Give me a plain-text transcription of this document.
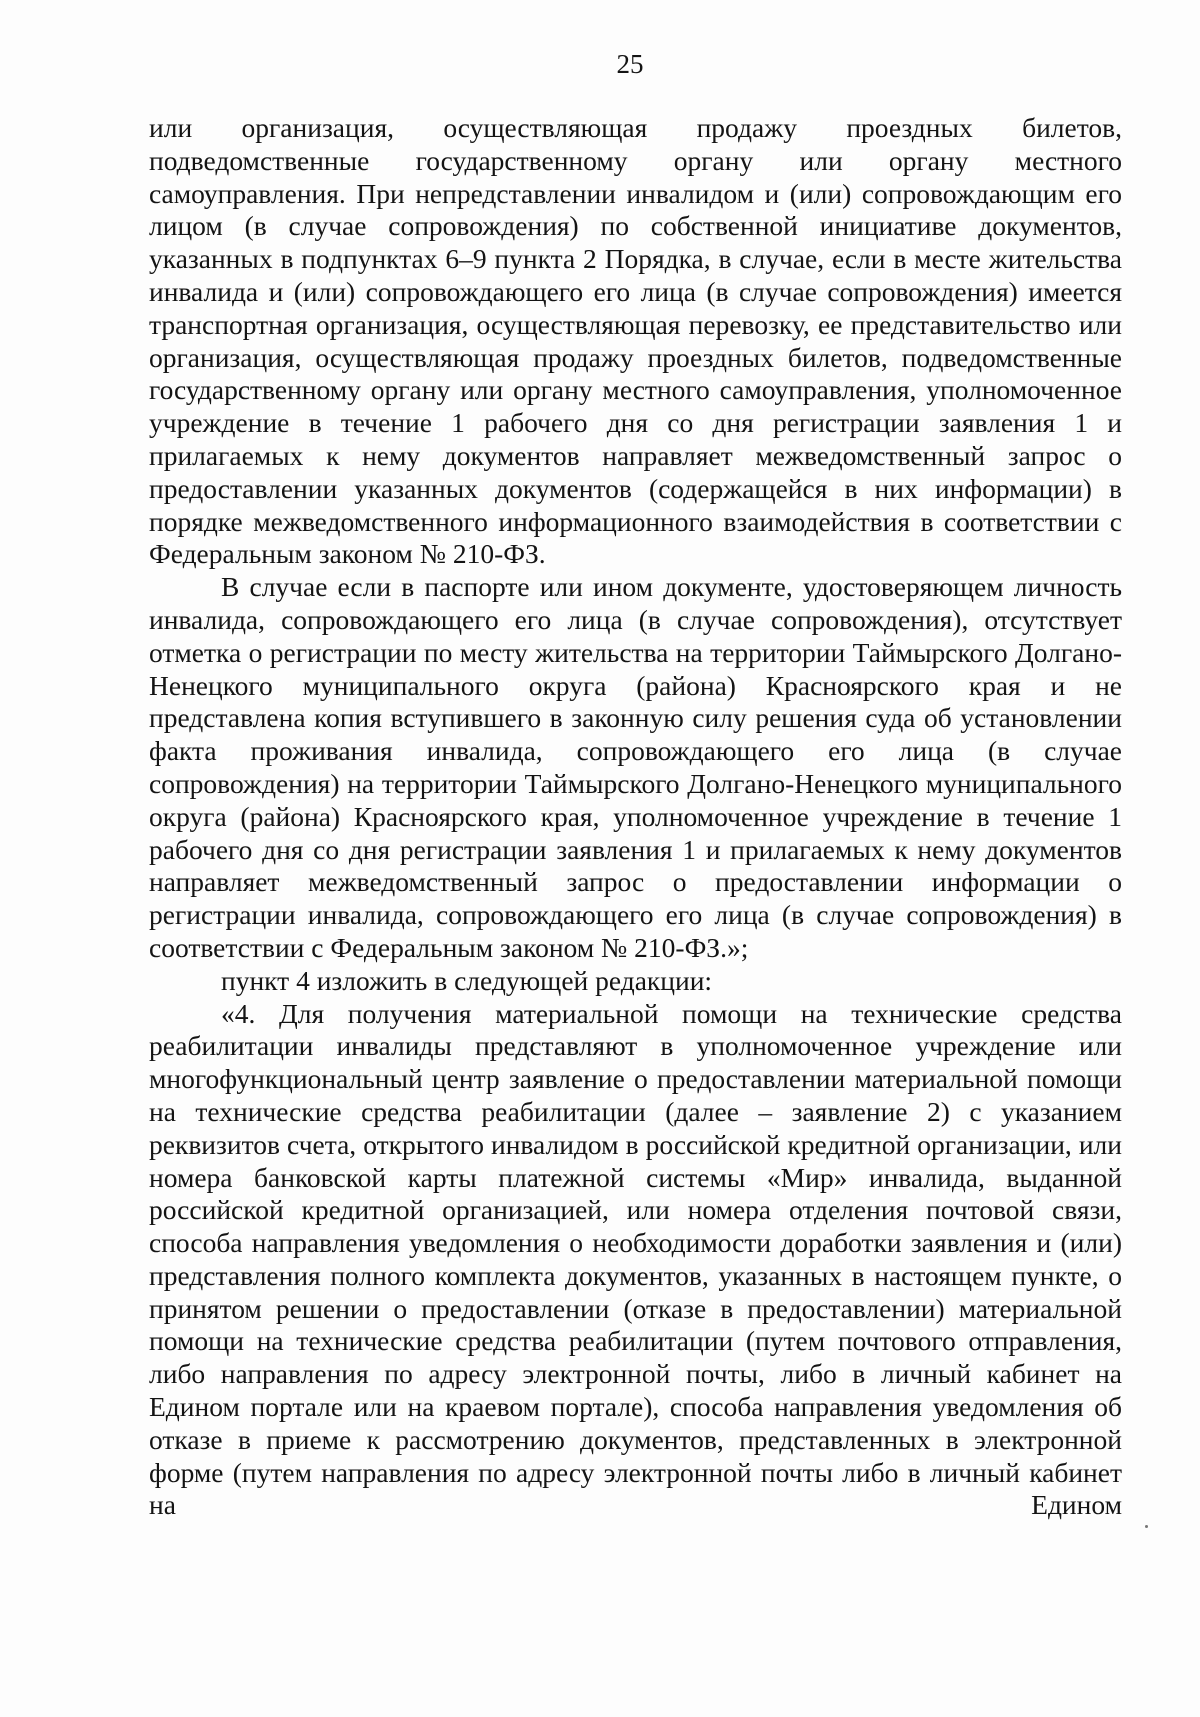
25

или организация, осуществляющая продажу проездных билетов, подведомственные государственному органу или органу местного самоуправления. При непредставлении инвалидом и (или) сопровождающим его лицом (в случае сопровождения) по собственной инициативе документов, указанных в подпунктах 6–9 пункта 2 Порядка, в случае, если в месте жительства инвалида и (или) сопровождающего его лица (в случае сопровождения) имеется транспортная организация, осуществляющая перевозку, ее представительство или организация, осуществляющая продажу проездных билетов, подведомственные государственному органу или органу местного самоуправления, уполномоченное учреждение в течение 1 рабочего дня со дня регистрации заявления 1 и прилагаемых к нему документов направляет межведомственный запрос о предоставлении указанных документов (содержащейся в них информации) в порядке межведомственного информационного взаимодействия в соответствии с Федеральным законом № 210-ФЗ.

В случае если в паспорте или ином документе, удостоверяющем личность инвалида, сопровождающего его лица (в случае сопровождения), отсутствует отметка о регистрации по месту жительства на территории Таймырского Долгано-Ненецкого муниципального округа (района) Красноярского края и не представлена копия вступившего в законную силу решения суда об установлении факта проживания инвалида, сопровождающего его лица (в случае сопровождения) на территории Таймырского Долгано-Ненецкого муниципального округа (района) Красноярского края, уполномоченное учреждение в течение 1 рабочего дня со дня регистрации заявления 1 и прилагаемых к нему документов направляет межведомственный запрос о предоставлении информации о регистрации инвалида, сопровождающего его лица (в случае сопровождения) в соответствии с Федеральным законом № 210-ФЗ.»;

пункт 4 изложить в следующей редакции:

«4. Для получения материальной помощи на технические средства реабилитации инвалиды представляют в уполномоченное учреждение или многофункциональный центр заявление о предоставлении материальной помощи на технические средства реабилитации (далее – заявление 2) с указанием реквизитов счета, открытого инвалидом в российской кредитной организации, или номера банковской карты платежной системы «Мир» инвалида, выданной российской кредитной организацией, или номера отделения почтовой связи, способа направления уведомления о необходимости доработки заявления и (или) представления полного комплекта документов, указанных в настоящем пункте, о принятом решении о предоставлении (отказе в предоставлении) материальной помощи на технические средства реабилитации (путем почтового отправления, либо направления по адресу электронной почты, либо в личный кабинет на Едином портале или на краевом портале), способа направления уведомления об отказе в приеме к рассмотрению документов, представленных в электронной форме (путем направления по адресу электронной почты либо в личный кабинет на Едином
